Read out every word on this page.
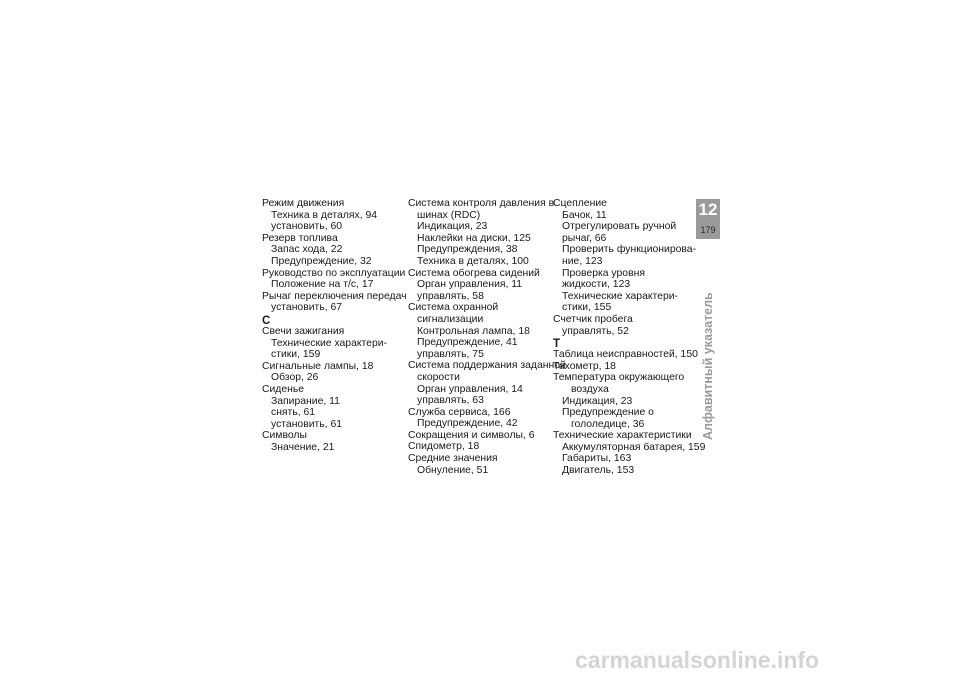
Режим движения
Техника в деталях, 94
установить, 60
Резерв топлива
Запас хода, 22
Предупреждение, 32
Руководство по эксплуатации
Положение на т/с, 17
Рычаг переключения передач
установить, 67
С
Свечи зажигания
Технические характери-
стики, 159
Сигнальные лампы, 18
Обзор, 26
Сиденье
Запирание, 11
снять, 61
установить, 61
Символы
Значение, 21
Система контроля давления в
шинах (RDC)
Индикация, 23
Наклейки на диски, 125
Предупреждения, 38
Техника в деталях, 100
Система обогрева сидений
Орган управления, 11
управлять, 58
Система охранной
сигнализации
Контрольная лампа, 18
Предупреждение, 41
управлять, 75
Система поддержания заданной
скорости
Орган управления, 14
управлять, 63
Служба сервиса, 166
Предупреждение, 42
Сокращения и символы, 6
Спидометр, 18
Средние значения
Обнуление, 51
Сцепление
Бачок, 11
Отрегулировать ручной
рычаг, 66
Проверить функционирова-
ние, 123
Проверка уровня
жидкости, 123
Технические характери-
стики, 155
Счетчик пробега
управлять, 52
Т
Таблица неисправностей, 150
Тахометр, 18
Температура окружающего
воздуха
Индикация, 23
Предупреждение о
гололедице, 36
Технические характеристики
Аккумуляторная батарея, 159
Габариты, 163
Двигатель, 153
12
179
Алфавитный указатель
carmanualsonline.info
